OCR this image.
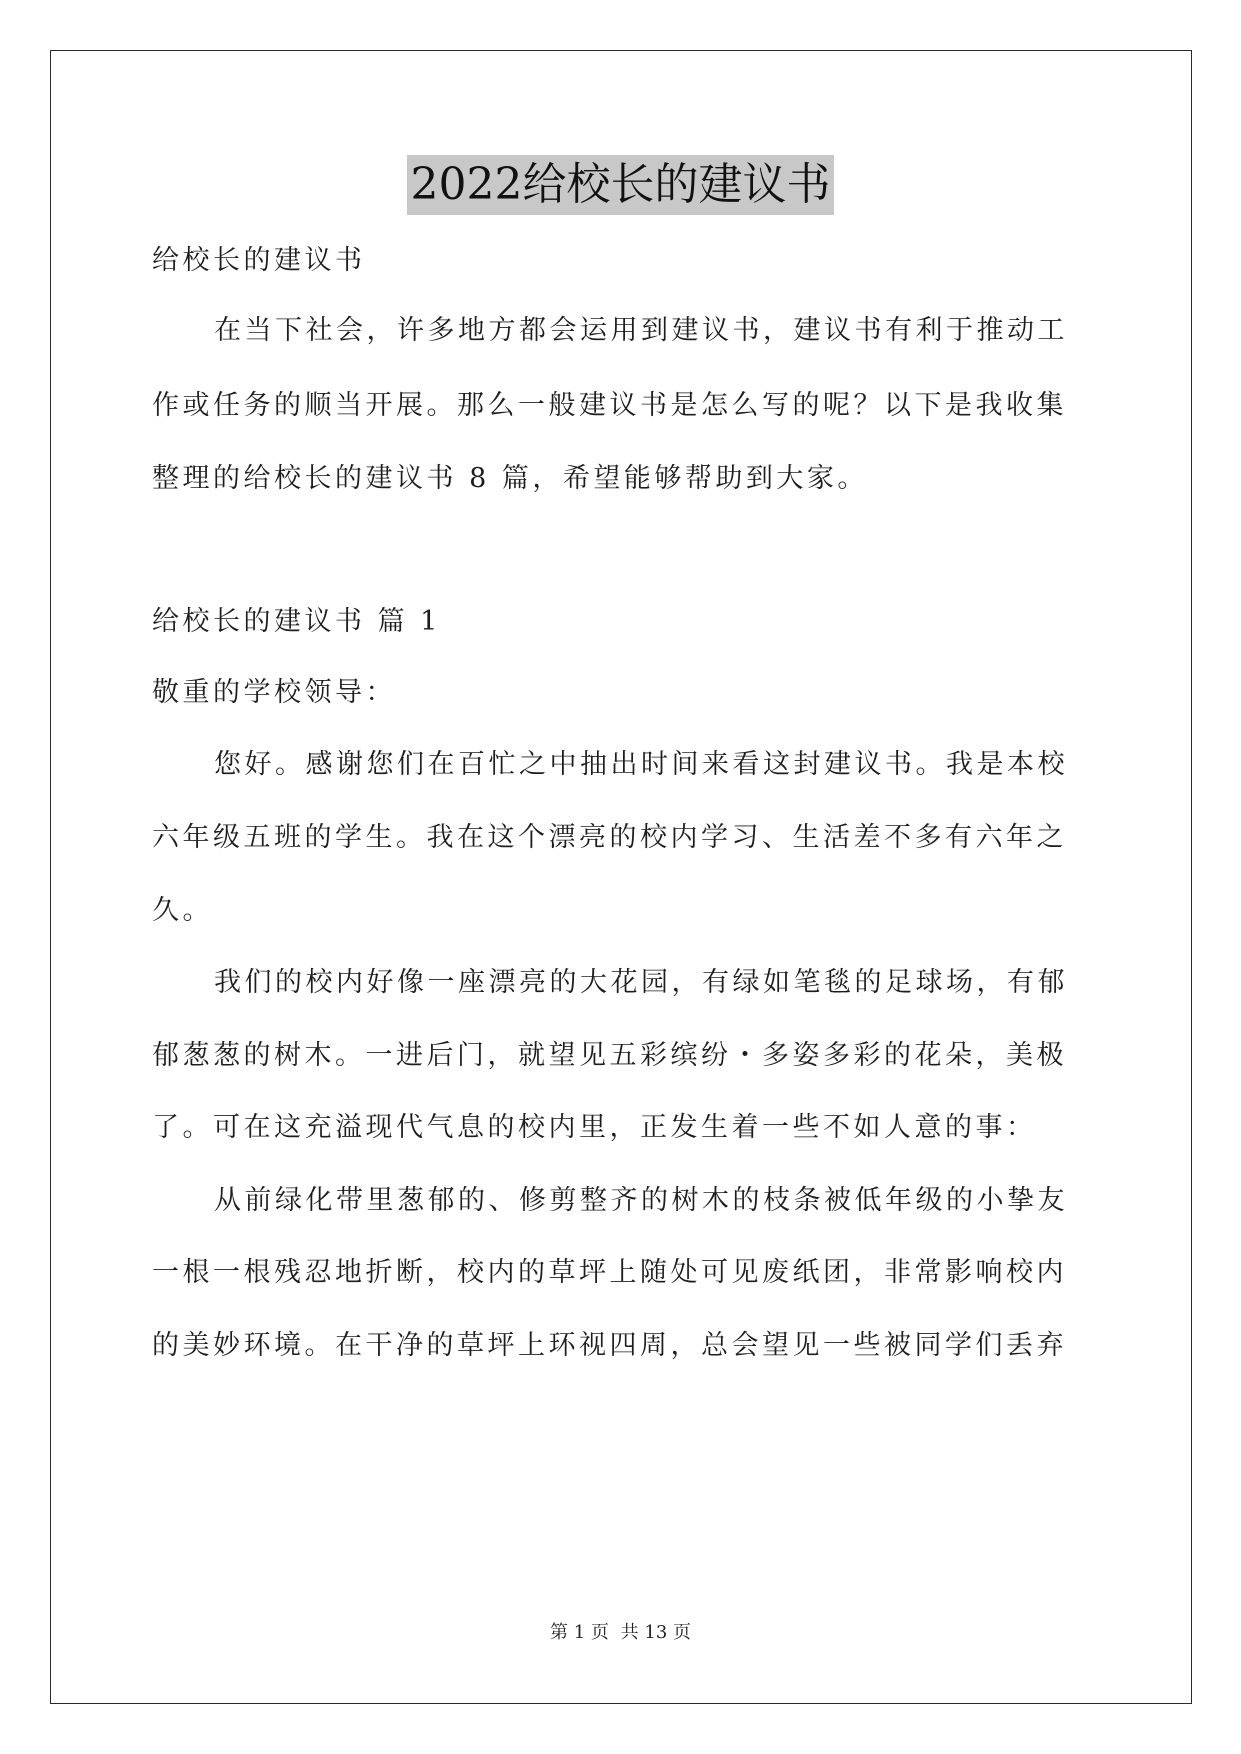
2022给校长的建议书
给校长的建议书
在当下社会，许多地方都会运用到建议书，建议书有利于推动工
作或任务的顺当开展。那么一般建议书是怎么写的呢？以下是我收集
整理的给校长的建议书 8 篇，希望能够帮助到大家。
给校长的建议书 篇 1
敬重的学校领导：
您好。感谢您们在百忙之中抽出时间来看这封建议书。我是本校
六年级五班的学生。我在这个漂亮的校内学习、生活差不多有六年之
久。
我们的校内好像一座漂亮的大花园，有绿如笔毯的足球场，有郁
郁葱葱的树木。一进后门，就望见五彩缤纷・多姿多彩的花朵，美极
了。可在这充溢现代气息的校内里，正发生着一些不如人意的事：
从前绿化带里葱郁的、修剪整齐的树木的枝条被低年级的小挚友
一根一根残忍地折断，校内的草坪上随处可见废纸团，非常影响校内
的美妙环境。在干净的草坪上环视四周，总会望见一些被同学们丢弃
第 1 页 共 13 页
